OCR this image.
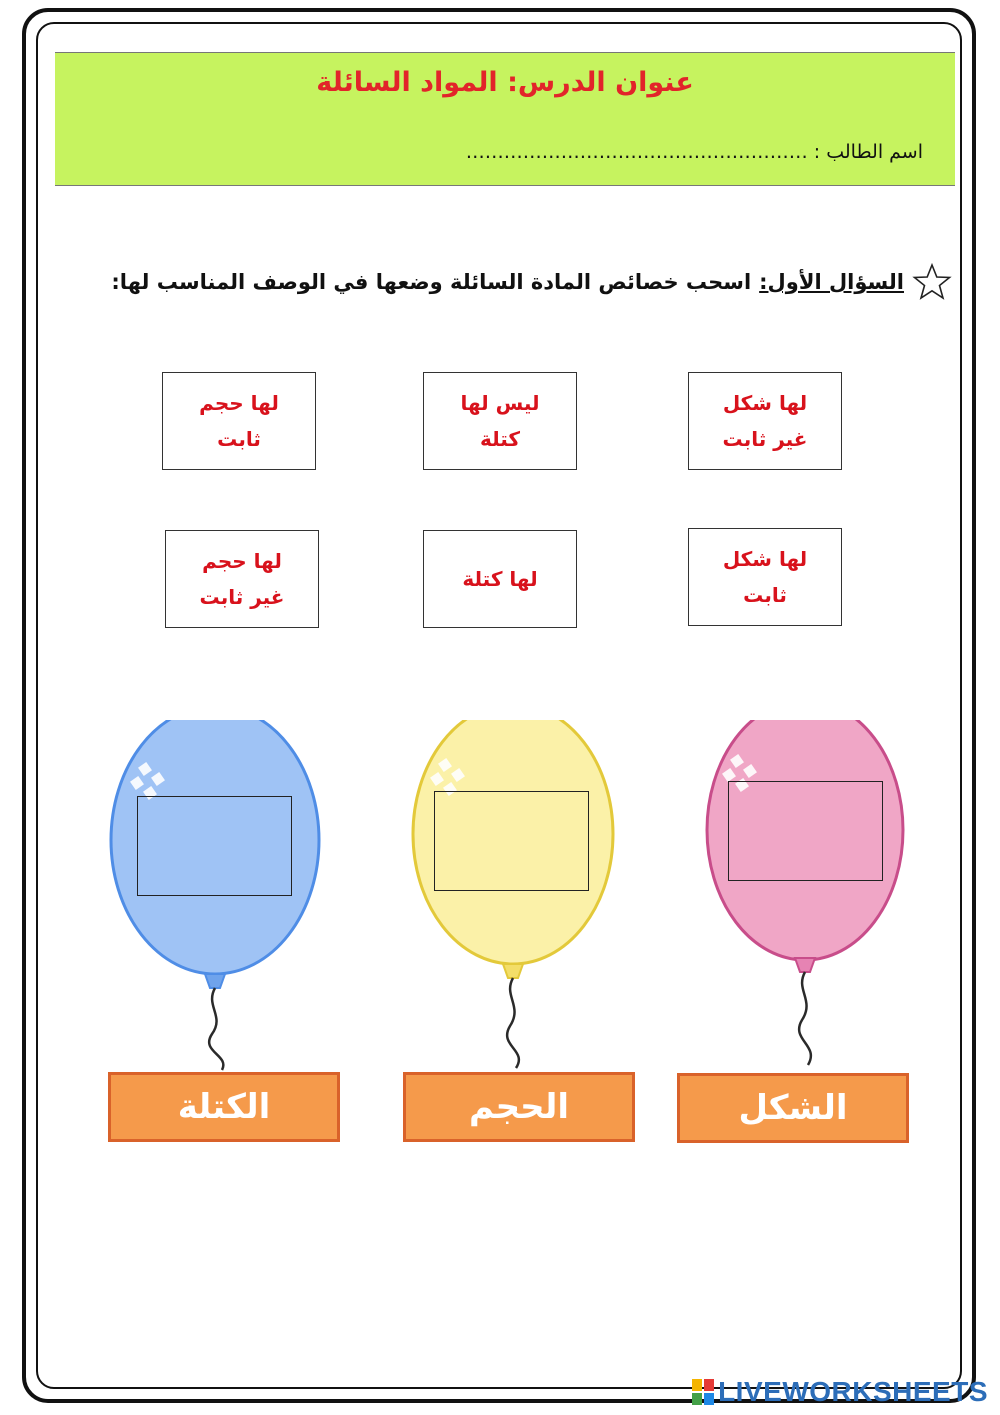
عنوان الدرس: المواد السائلة
اسم الطالب : ………………………………………………
السؤال الأول:
اسحب خصائص المادة السائلة وضعها في الوصف المناسب لها:
لها شكل
غير ثابت
ليس لها
كتلة
لها حجم
ثابت
لها شكل
ثابت
لها كتلة
لها حجم
غير ثابت
الشكل
الحجم
الكتلة
LIVEWORKSHEETS
